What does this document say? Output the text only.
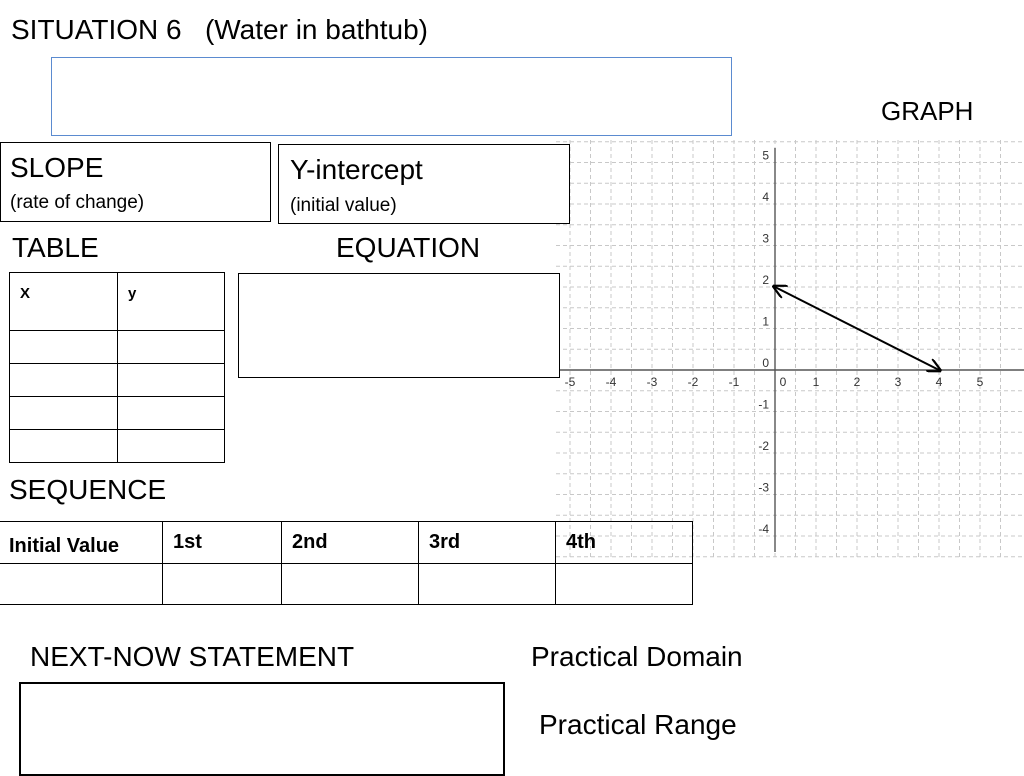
SITUATION 6   (Water in bathtub)
GRAPH
-5	-4	-3	-2	-1	0 1	2	3	4	5
-4
-3
-2
-1
0
1
2
3
4
5
SLOPE
(rate of change)
Y-intercept
(initial value)
TABLE	EQUATION
X	y

SEQUENCE
Initial Value	1st	2nd	3rd	4th

NEXT-NOW STATEMENT	Practical Domain
Practical Range
